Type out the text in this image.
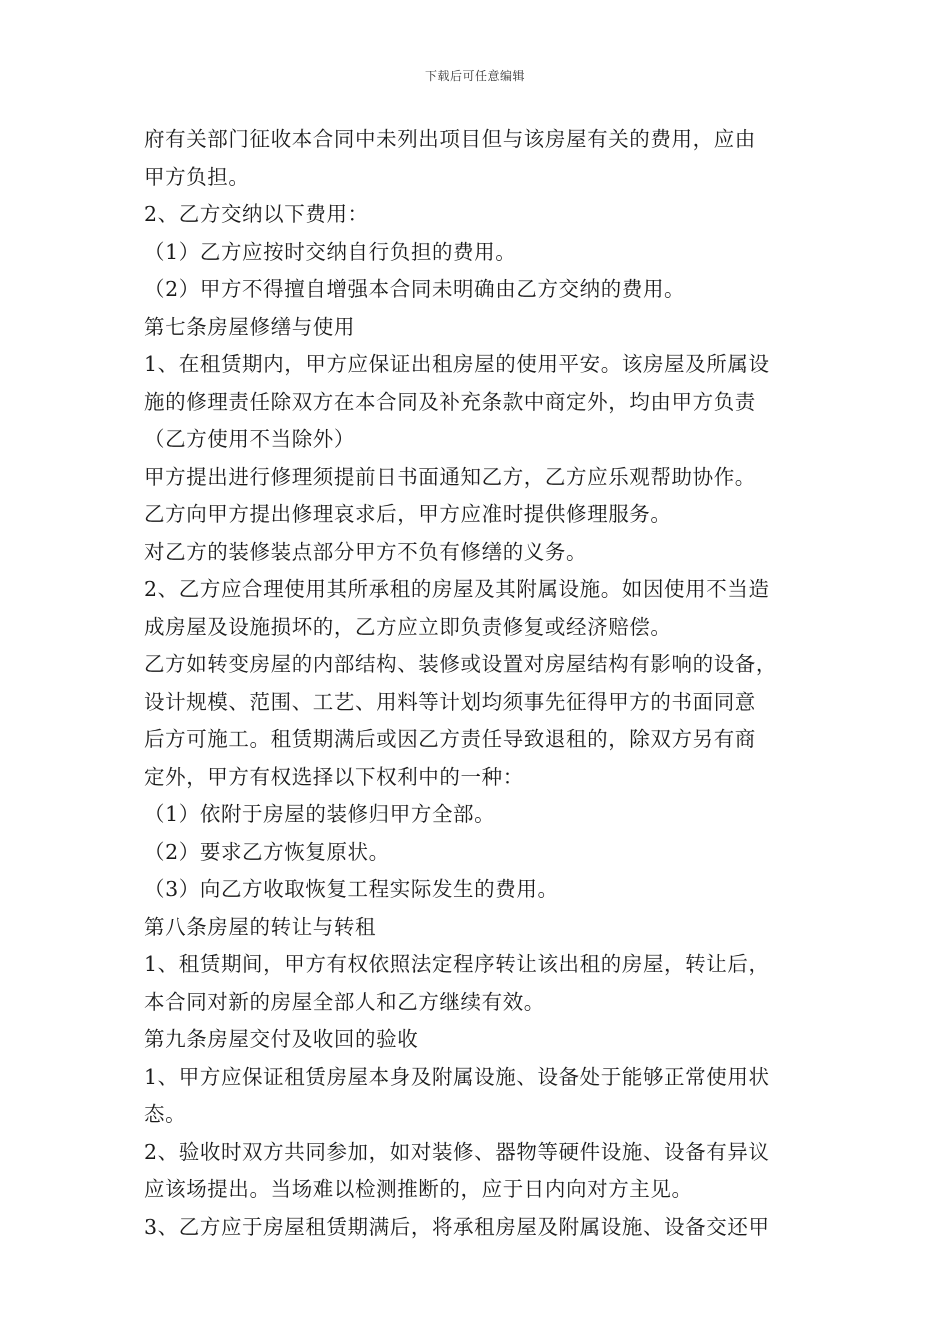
下载后可任意编辑
府有关部门征收本合同中未列出项目但与该房屋有关的费用，应由
甲方负担。
2、乙方交纳以下费用：
（1）乙方应按时交纳自行负担的费用。
（2）甲方不得擅自增强本合同未明确由乙方交纳的费用。
第七条房屋修缮与使用
1、在租赁期内，甲方应保证出租房屋的使用平安。该房屋及所属设
施的修理责任除双方在本合同及补充条款中商定外，均由甲方负责
（乙方使用不当除外）
甲方提出进行修理须提前日书面通知乙方，乙方应乐观帮助协作。
乙方向甲方提出修理哀求后，甲方应准时提供修理服务。
对乙方的装修装点部分甲方不负有修缮的义务。
2、乙方应合理使用其所承租的房屋及其附属设施。如因使用不当造
成房屋及设施损坏的，乙方应立即负责修复或经济赔偿。
乙方如转变房屋的内部结构、装修或设置对房屋结构有影响的设备，
设计规模、范围、工艺、用料等计划均须事先征得甲方的书面同意
后方可施工。租赁期满后或因乙方责任导致退租的，除双方另有商
定外，甲方有权选择以下权利中的一种：
（1）依附于房屋的装修归甲方全部。
（2）要求乙方恢复原状。
（3）向乙方收取恢复工程实际发生的费用。
第八条房屋的转让与转租
1、租赁期间，甲方有权依照法定程序转让该出租的房屋，转让后，
本合同对新的房屋全部人和乙方继续有效。
第九条房屋交付及收回的验收
1、甲方应保证租赁房屋本身及附属设施、设备处于能够正常使用状
态。
2、验收时双方共同参加，如对装修、器物等硬件设施、设备有异议
应该场提出。当场难以检测推断的，应于日内向对方主见。
3、乙方应于房屋租赁期满后，将承租房屋及附属设施、设备交还甲
